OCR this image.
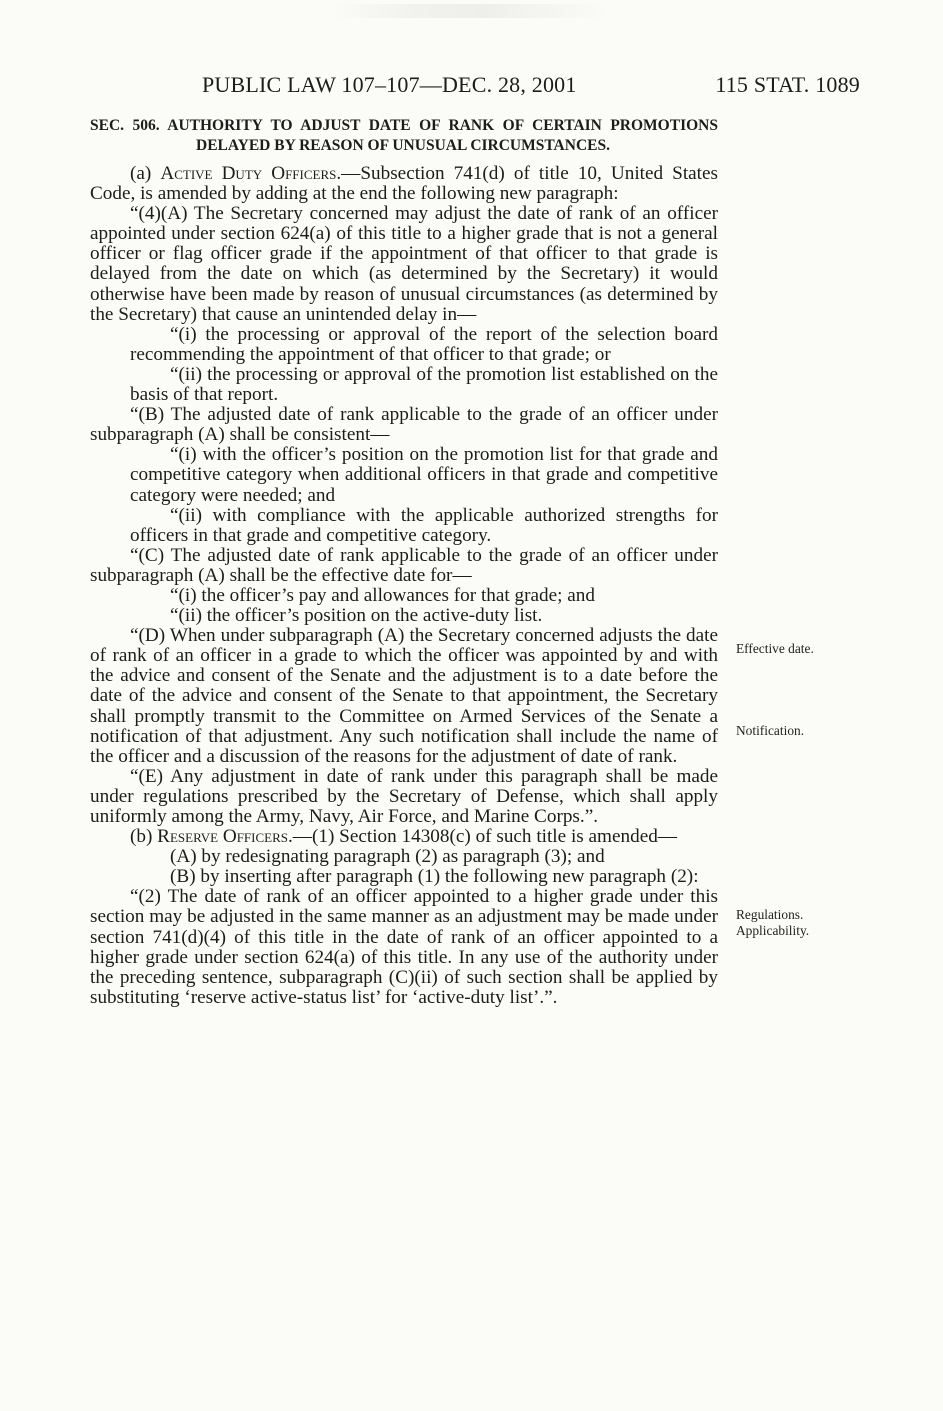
PUBLIC LAW 107–107—DEC. 28, 2001	115 STAT. 1089

SEC. 506. AUTHORITY TO ADJUST DATE OF RANK OF CERTAIN PROMOTIONS DELAYED BY REASON OF UNUSUAL CIRCUMSTANCES.

(a) Active Duty Officers.—Subsection 741(d) of title 10, United States Code, is amended by adding at the end the following new paragraph:

“(4)(A) The Secretary concerned may adjust the date of rank of an officer appointed under section 624(a) of this title to a higher grade that is not a general officer or flag officer grade if the appointment of that officer to that grade is delayed from the date on which (as determined by the Secretary) it would otherwise have been made by reason of unusual circumstances (as determined by the Secretary) that cause an unintended delay in—

“(i) the processing or approval of the report of the selection board recommending the appointment of that officer to that grade; or

“(ii) the processing or approval of the promotion list established on the basis of that report.

“(B) The adjusted date of rank applicable to the grade of an officer under subparagraph (A) shall be consistent—

“(i) with the officer’s position on the promotion list for that grade and competitive category when additional officers in that grade and competitive category were needed; and

“(ii) with compliance with the applicable authorized strengths for officers in that grade and competitive category.

“(C) The adjusted date of rank applicable to the grade of an officer under subparagraph (A) shall be the effective date for—

“(i) the officer’s pay and allowances for that grade; and

“(ii) the officer’s position on the active-duty list.

“(D) When under subparagraph (A) the Secretary concerned adjusts the date of rank of an officer in a grade to which the officer was appointed by and with the advice and consent of the Senate and the adjustment is to a date before the date of the advice and consent of the Senate to that appointment, the Secretary shall promptly transmit to the Committee on Armed Services of the Senate a notification of that adjustment. Any such notification shall include the name of the officer and a discussion of the reasons for the adjustment of date of rank.

“(E) Any adjustment in date of rank under this paragraph shall be made under regulations prescribed by the Secretary of Defense, which shall apply uniformly among the Army, Navy, Air Force, and Marine Corps.”.

(b) Reserve Officers.—(1) Section 14308(c) of such title is amended—

(A) by redesignating paragraph (2) as paragraph (3); and

(B) by inserting after paragraph (1) the following new paragraph (2):

“(2) The date of rank of an officer appointed to a higher grade under this section may be adjusted in the same manner as an adjustment may be made under section 741(d)(4) of this title in the date of rank of an officer appointed to a higher grade under section 624(a) of this title. In any use of the authority under the preceding sentence, subparagraph (C)(ii) of such section shall be applied by substituting ‘reserve active-status list’ for ‘active-duty list’.”.

Effective date.
Notification.
Regulations.
Applicability.
